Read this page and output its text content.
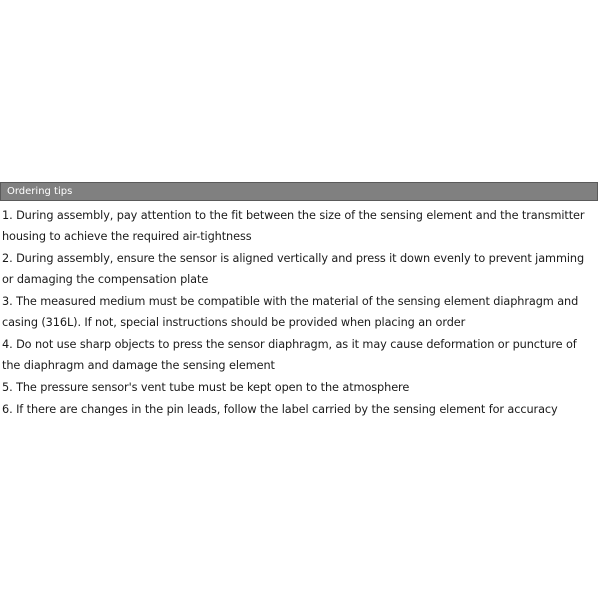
Ordering tips
1. During assembly, pay attention to the fit between the size of the sensing element and the transmitter housing to achieve the required air-tightness
2. During assembly, ensure the sensor is aligned vertically and press it down evenly to prevent jamming or damaging the compensation plate
3. The measured medium must be compatible with the material of the sensing element diaphragm and casing (316L). If not, special instructions should be provided when placing an order
4. Do not use sharp objects to press the sensor diaphragm, as it may cause deformation or puncture of the diaphragm and damage the sensing element
5. The pressure sensor's vent tube must be kept open to the atmosphere
6. If there are changes in the pin leads, follow the label carried by the sensing element for accuracy
